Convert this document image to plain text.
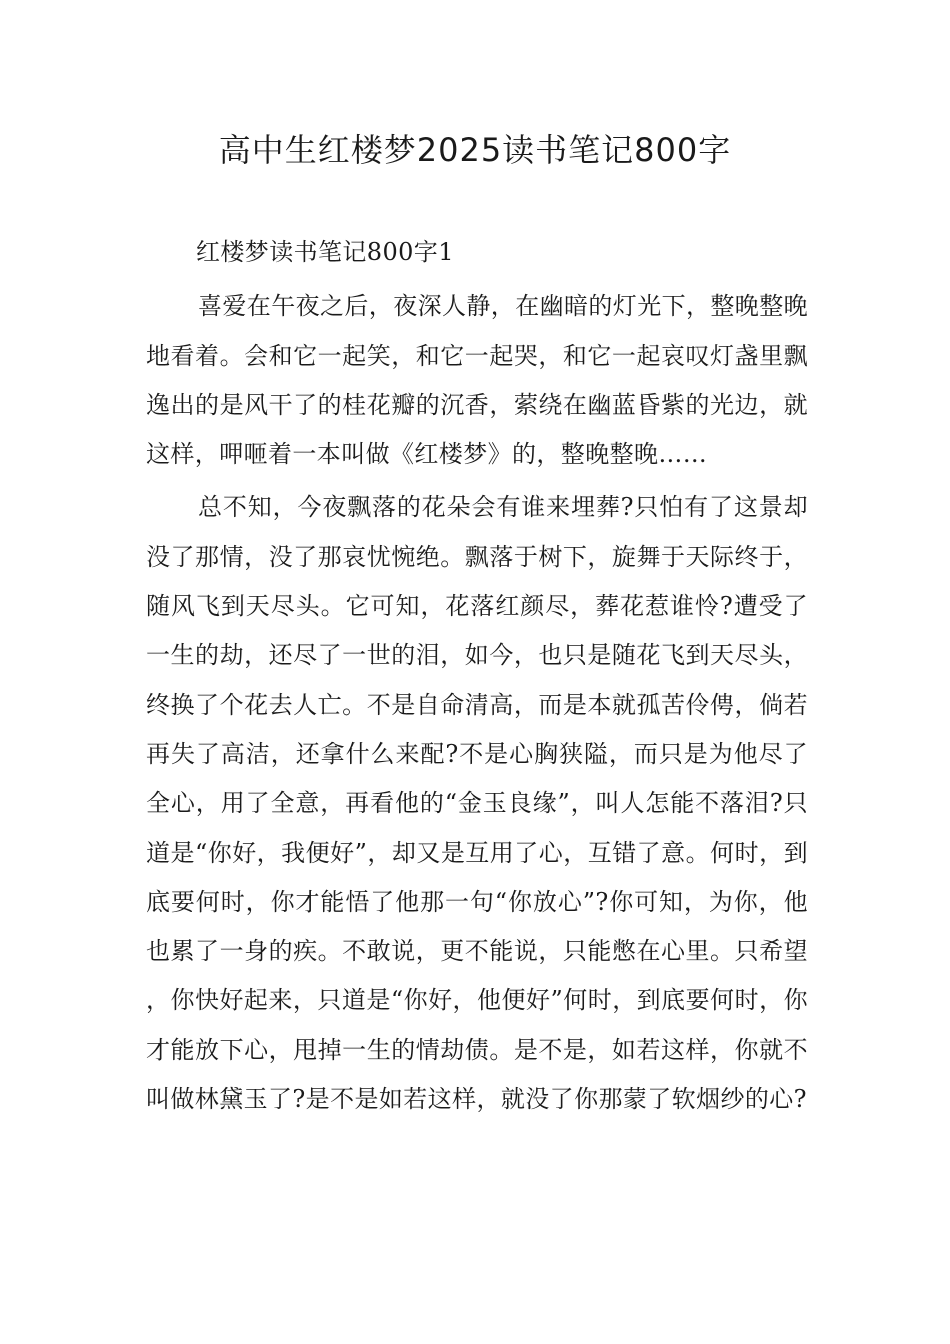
高中生红楼梦2025读书笔记800字

红楼梦读书笔记800字1

喜爱在午夜之后，夜深人静，在幽暗的灯光下，整晚整晚地看着。会和它一起笑，和它一起哭，和它一起哀叹灯盏里飘逸出的是风干了的桂花瓣的沉香，萦绕在幽蓝昏紫的光边，就这样，呷咂着一本叫做《红楼梦》的，整晚整晚……

总不知，今夜飘落的花朵会有谁来埋葬?只怕有了这景却没了那情，没了那哀忧惋绝。飘落于树下，旋舞于天际终于，随风飞到天尽头。它可知，花落红颜尽，葬花惹谁怜?遭受了一生的劫，还尽了一世的泪，如今，也只是随花飞到天尽头，终换了个花去人亡。不是自命清高，而是本就孤苦伶俜，倘若再失了高洁，还拿什么来配?不是心胸狭隘，而只是为他尽了全心，用了全意，再看他的“金玉良缘”，叫人怎能不落泪?只道是“你好，我便好”，却又是互用了心，互错了意。何时，到底要何时，你才能悟了他那一句“你放心”?你可知，为你，他也累了一身的疾。不敢说，更不能说，只能憋在心里。只希望，你快好起来，只道是“你好，他便好”何时，到底要何时，你才能放下心，甩掉一生的情劫债。是不是，如若这样，你就不叫做林黛玉了?是不是如若这样，就没了你那蒙了软烟纱的心?
